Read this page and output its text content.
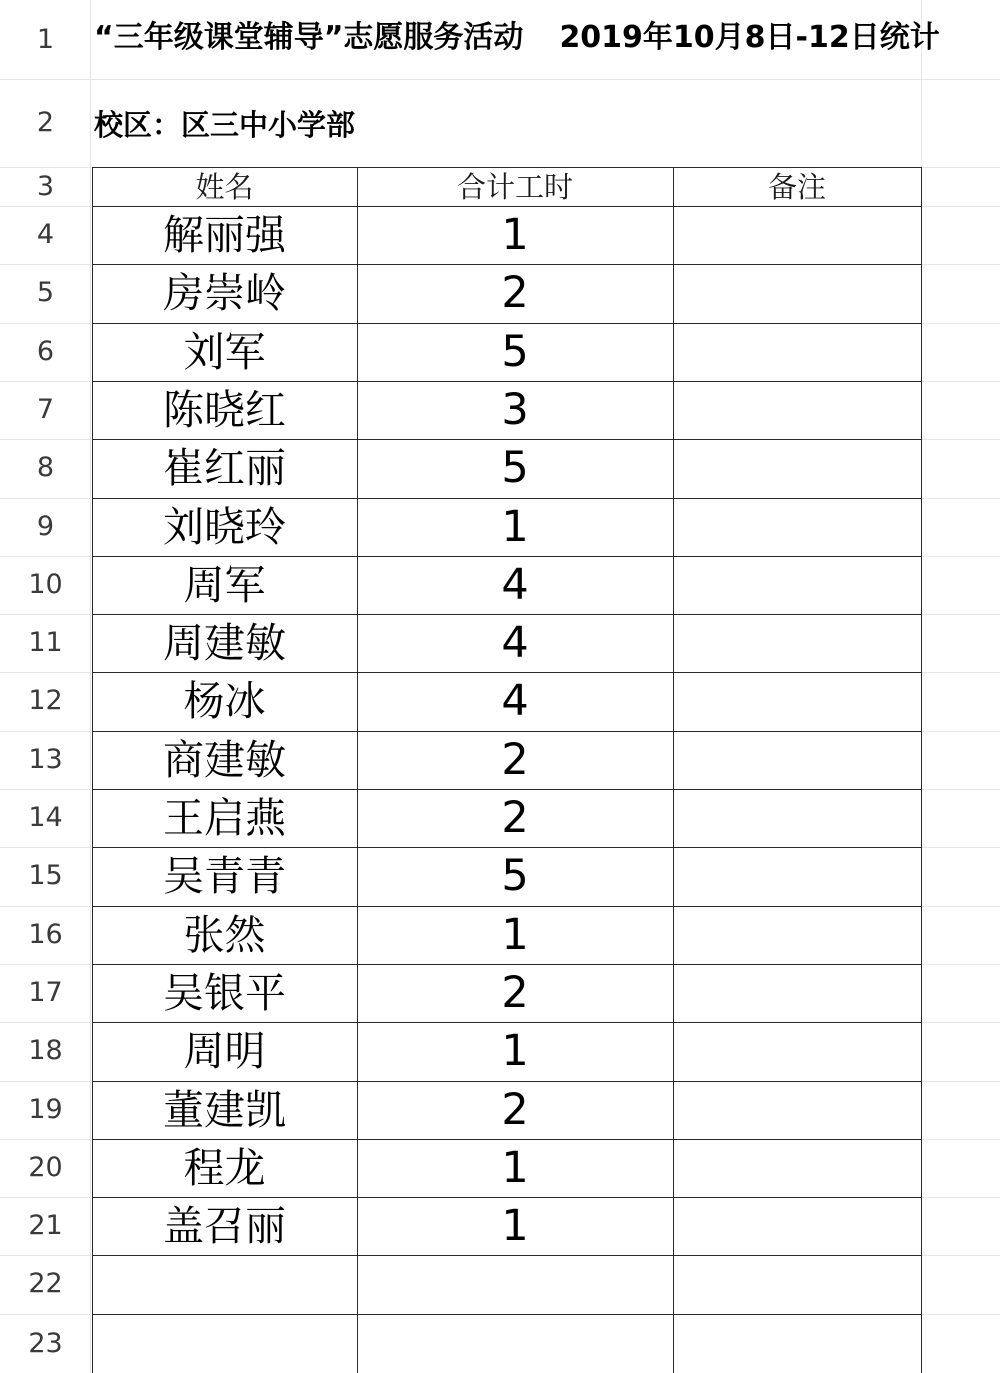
1
2
3
4
5
6
7
8
9
10
11
12
13
14
15
16
17
18
19
20
21
22
23
“三年级课堂辅导”志愿服务活动 2019年10月8日-12日统计
校区：区三中小学部
姓名	合计工时	备注
解丽强	1
房崇岭	2
刘军	5
陈晓红	3
崔红丽	5
刘晓玲	1
周军	4
周建敏	4
杨冰	4
商建敏	2
王启燕	2
吴青青	5
张然	1
吴银平	2
周明	1
董建凯	2
程龙	1
盖召丽	1
